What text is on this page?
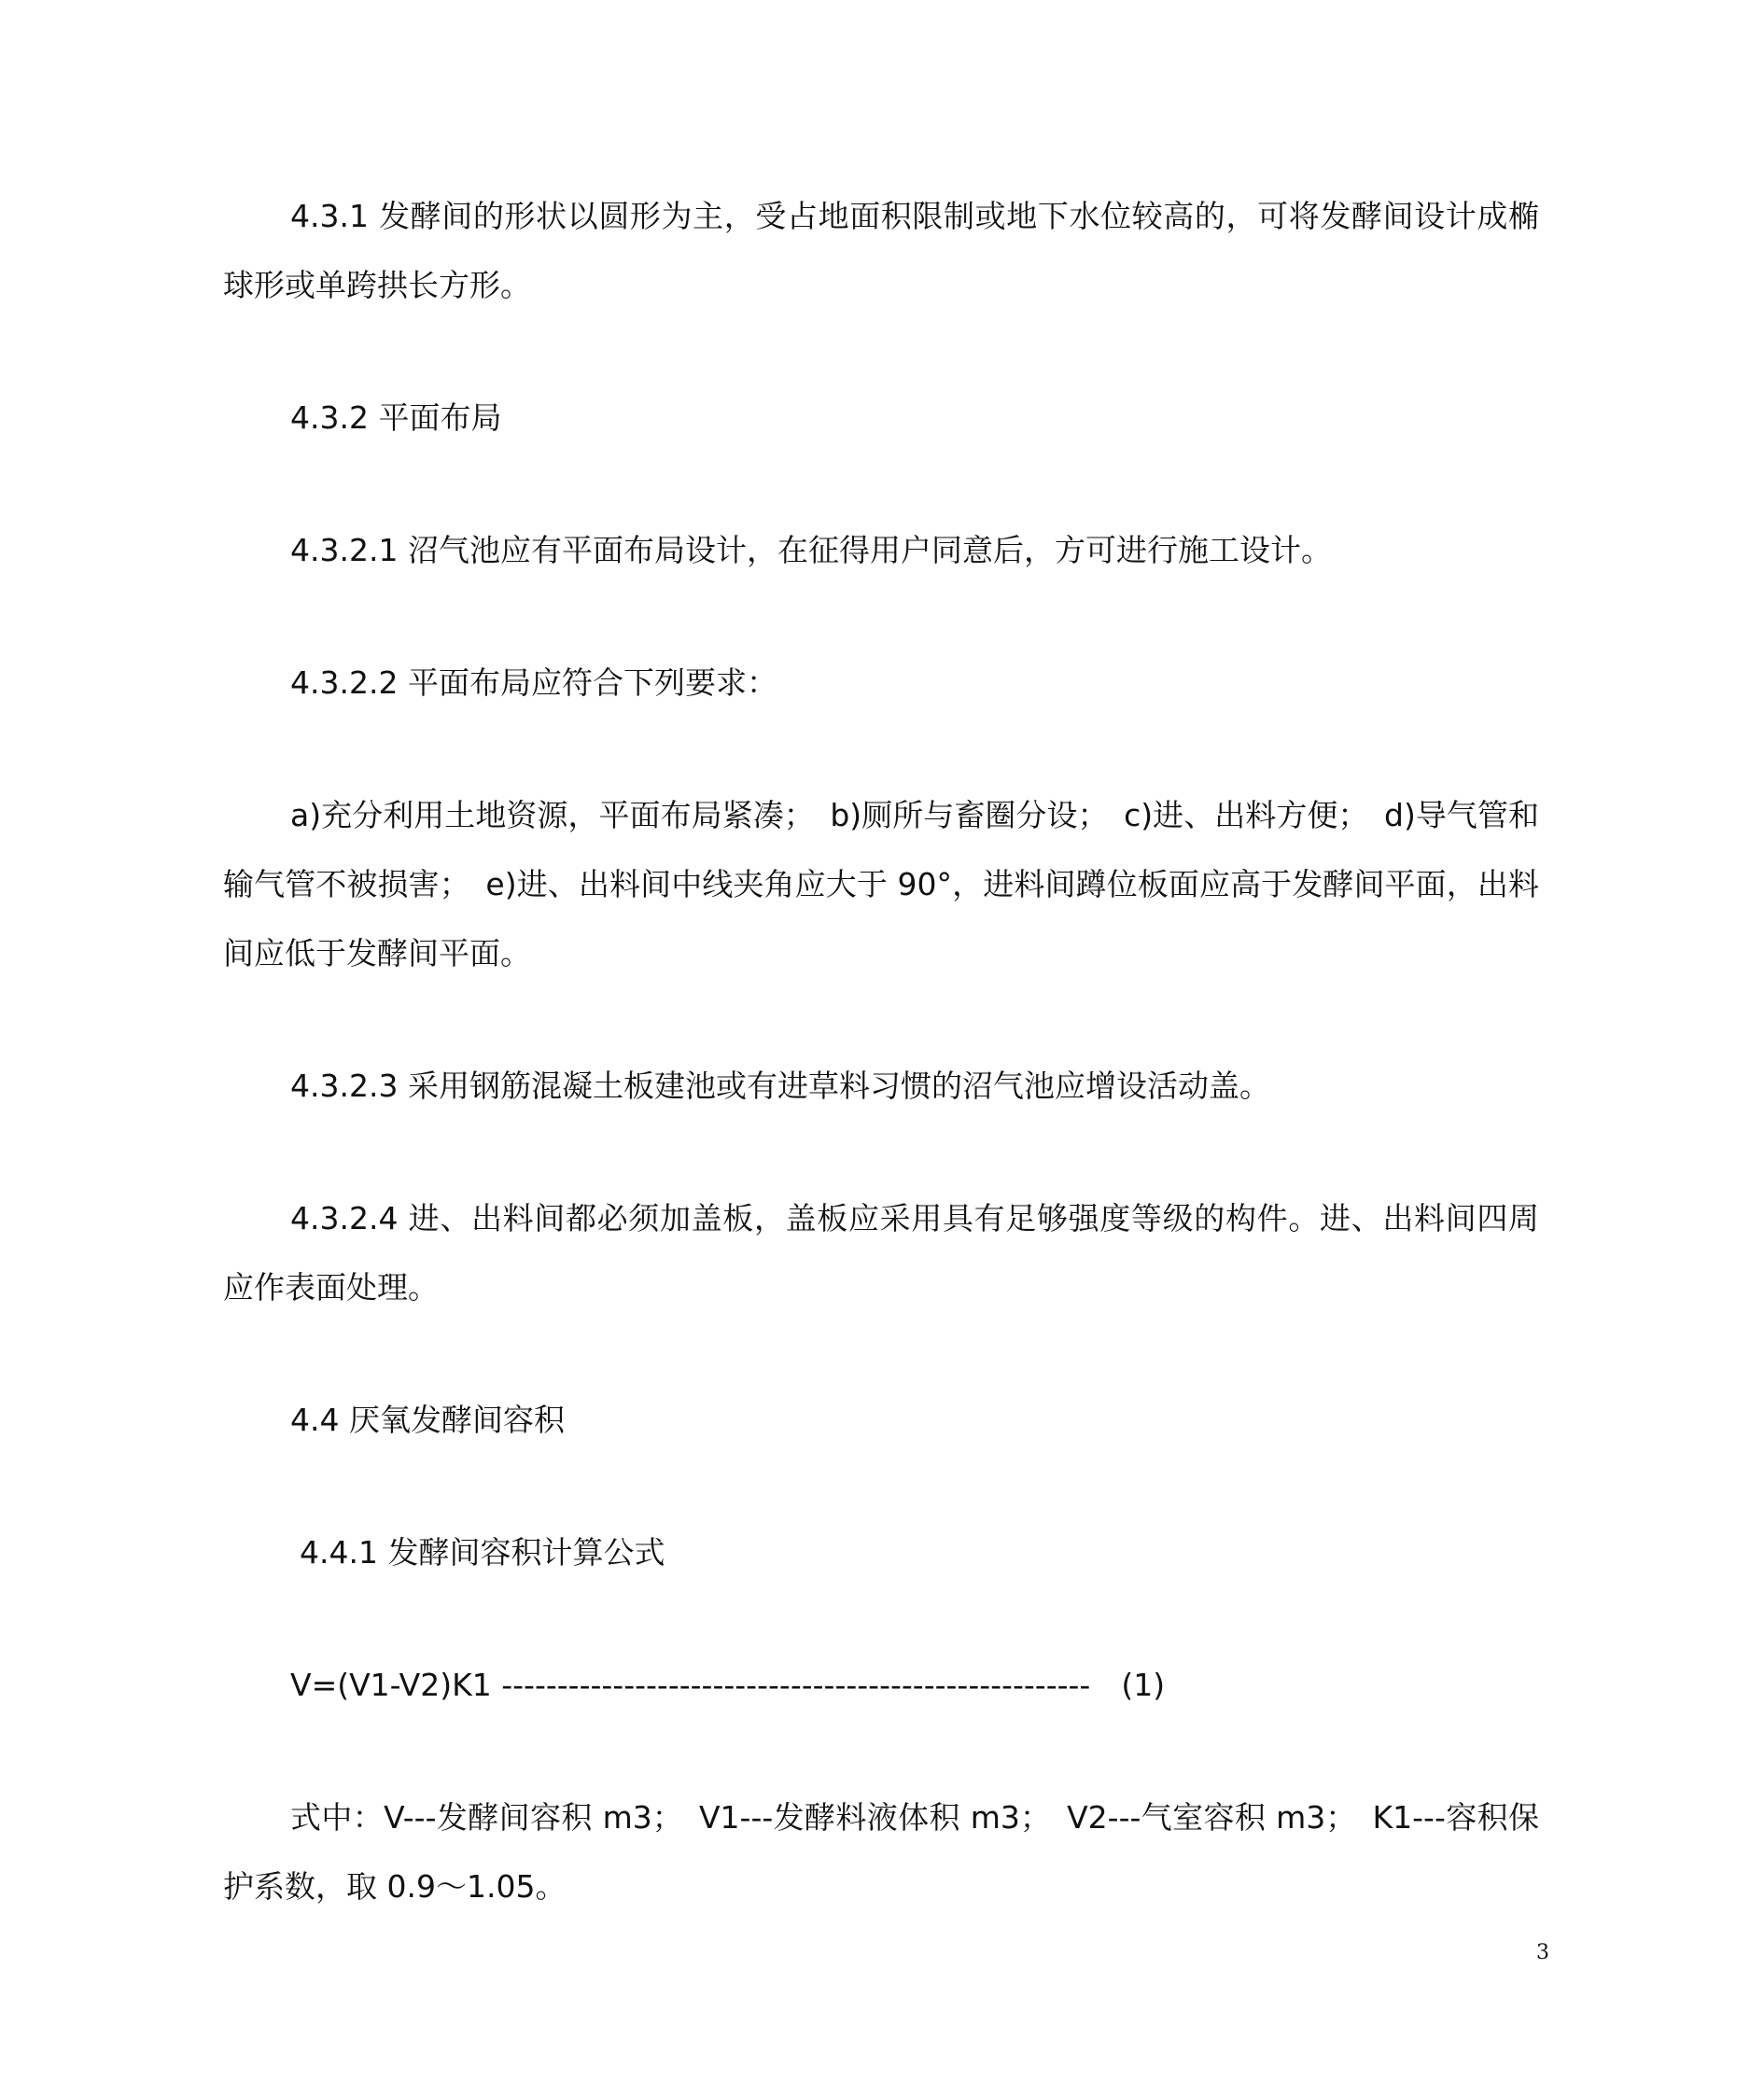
4.3.1 发酵间的形状以圆形为主，受占地面积限制或地下水位较高的，可将发酵间设计成椭球形或单跨拱长方形。

4.3.2 平面布局

4.3.2.1 沼气池应有平面布局设计，在征得用户同意后，方可进行施工设计。

4.3.2.2 平面布局应符合下列要求：

a)充分利用土地资源，平面布局紧凑；　b)厕所与畜圈分设；　c)进、出料方便；　d)导气管和输气管不被损害；　e)进、出料间中线夹角应大于 90°，进料间蹲位板面应高于发酵间平面，出料间应低于发酵间平面。

4.3.2.3 采用钢筋混凝土板建池或有进草料习惯的沼气池应增设活动盖。

4.3.2.4 进、出料间都必须加盖板，盖板应采用具有足够强度等级的构件。进、出料间四周应作表面处理。

4.4 厌氧发酵间容积

4.4.1 发酵间容积计算公式

V=(V1-V2)K1 -----------------------------------------------------　(1)

式中：V---发酵间容积 m3；　V1---发酵料液体积 m3；　V2---气室容积 m3；　K1---容积保护系数，取 0.9～1.05。

3
